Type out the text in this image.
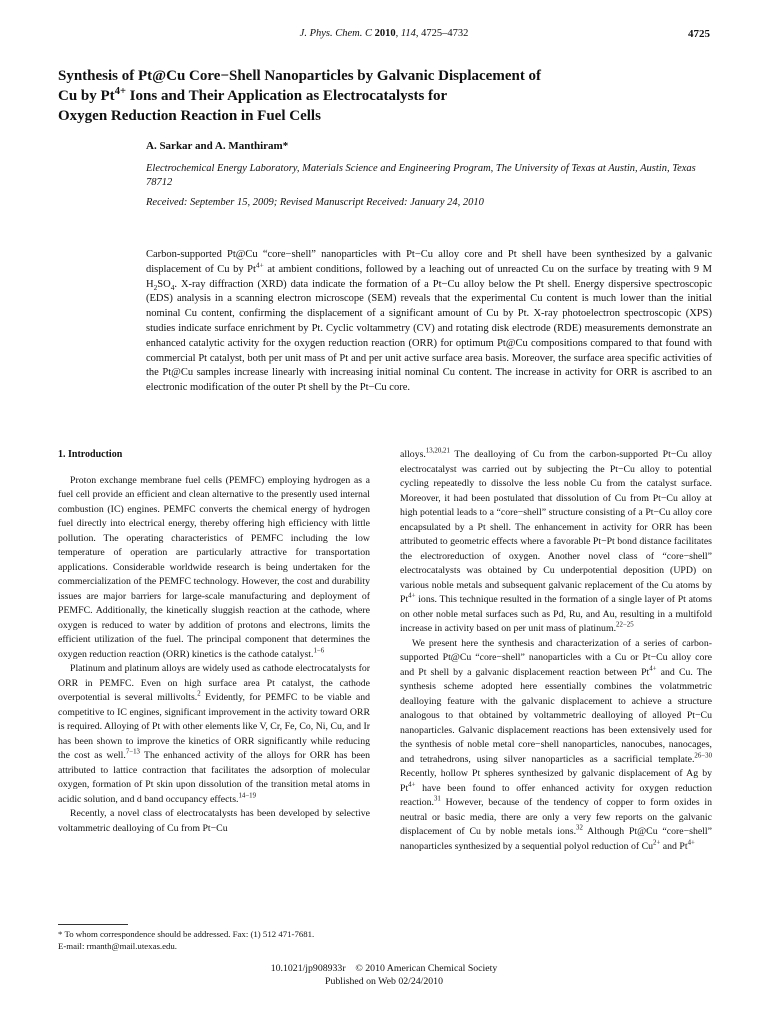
J. Phys. Chem. C 2010, 114, 4725–4732	4725
Synthesis of Pt@Cu Core−Shell Nanoparticles by Galvanic Displacement of
Cu by $Pt^{4+}$ Ions and Their Application as Electrocatalysts for
Oxygen Reduction Reaction in Fuel Cells
A. Sarkar and A. Manthiram*
Electrochemical Energy Laboratory, Materials Science and Engineering Program, The University of Texas at Austin, Austin, Texas 78712
Received: September 15, 2009; Revised Manuscript Received: January 24, 2010
Carbon-supported Pt@Cu “core−shell” nanoparticles with Pt−Cu alloy core and Pt shell have been synthesized by a galvanic displacement of Cu by $Pt^{4+}$ at ambient conditions, followed by a leaching out of unreacted Cu on the surface by treating with 9 M $H_2SO_4$. X-ray diffraction (XRD) data indicate the formation of a Pt−Cu alloy below the Pt shell. Energy dispersive spectroscopic (EDS) analysis in a scanning electron microscope (SEM) reveals that the experimental Cu content is much lower than the initial nominal Cu content, confirming the displacement of a significant amount of Cu by Pt. X-ray photoelectron spectroscopic (XPS) studies indicate surface enrichment by Pt. Cyclic voltammetry (CV) and rotating disk electrode (RDE) measurements demonstrate an enhanced catalytic activity for the oxygen reduction reaction (ORR) for optimum Pt@Cu compositions compared to that found with commercial Pt catalyst, both per unit mass of Pt and per unit active surface area basis. Moreover, the surface area specific activities of the Pt@Cu samples increase linearly with increasing initial nominal Cu content. The increase in activity for ORR is ascribed to an electronic modification of the outer Pt shell by the Pt−Cu core.

1. Introduction

Proton exchange membrane fuel cells (PEMFC) employing hydrogen as a fuel cell provide an efficient and clean alternative to the presently used internal combustion (IC) engines. PEMFC converts the chemical energy of hydrogen fuel directly into electrical energy, thereby offering high efficiency with little pollution. The operating characteristics of PEMFC including the low temperature of operation are particularly attractive for transportation applications. Considerable worldwide research is being undertaken for the commercialization of the PEMFC technology. However, the cost and durability issues are major barriers for large-scale manufacturing and deployment of PEMFC. Additionally, the kinetically sluggish reaction at the cathode, where oxygen is reduced to water by addition of protons and electrons, limits the efficient utilization of the fuel. The principal component that determines the oxygen reduction reaction (ORR) kinetics is the cathode catalyst.$^{1-6}$

Platinum and platinum alloys are widely used as cathode electrocatalysts for ORR in PEMFC. Even on high surface area Pt catalyst, the cathode overpotential is several millivolts.$^2$ Evidently, for PEMFC to be viable and competitive to IC engines, significant improvement in the activity toward ORR is required. Alloying of Pt with other elements like V, Cr, Fe, Co, Ni, Cu, and Ir has been shown to improve the kinetics of ORR significantly while reducing the cost as well.$^{7-13}$ The enhanced activity of the alloys for ORR has been attributed to lattice contraction that facilitates the adsorption of molecular oxygen, formation of Pt skin upon dissolution of the transition metal atoms in acidic solution, and d band occupancy effects.$^{14-19}$

Recently, a novel class of electrocatalysts has been developed by selective voltammetric dealloying of Cu from Pt−Cu

alloys.$^{13,20,21}$ The dealloying of Cu from the carbon-supported Pt−Cu alloy electrocatalyst was carried out by subjecting the Pt−Cu alloy to potential cycling repeatedly to dissolve the less noble Cu from the catalyst surface. Moreover, it had been postulated that dissolution of Cu from Pt−Cu alloy at high potential leads to a “core−shell” structure consisting of a Pt−Cu alloy core encapsulated by a Pt shell. The enhancement in activity for ORR has been attributed to geometric effects where a favorable Pt−Pt bond distance facilitates the electroreduction of oxygen. Another novel class of “core−shell” electrocatalysts was obtained by Cu underpotential deposition (UPD) on various noble metals and subsequent galvanic replacement of the Cu atoms by $Pt^{4+}$ ions. This technique resulted in the formation of a single layer of Pt atoms on other noble metal surfaces such as Pd, Ru, and Au, resulting in a multifold increase in activity based on per unit mass of platinum.$^{22-25}$

We present here the synthesis and characterization of a series of carbon-supported Pt@Cu “core−shell” nanoparticles with a Cu or Pt−Cu alloy core and Pt shell by a galvanic displacement reaction between $Pt^{4+}$ and Cu. The synthesis scheme adopted here essentially combines the volatmmetric dealloying feature with the galvanic displacement to achieve a structure analogous to that obtained by voltammetric dealloying of alloyed Pt−Cu nanoparticles. Galvanic displacement reactions has been extensively used for the synthesis of noble metal core−shell nanoparticles, nanocubes, nanocages, and tetrahedrons, using silver nanoparticles as a sacrificial template.$^{26-30}$ Recently, hollow Pt spheres synthesized by galvanic displacement of Ag by $Pt^{4+}$ have been found to offer enhanced activity for oxygen reduction reaction.$^{31}$ However, because of the tendency of copper to form oxides in neutral or basic media, there are only a very few reports on the galvanic displacement of Cu by noble metals ions.$^{32}$ Although Pt@Cu “core−shell” nanoparticles synthesized by a sequential polyol reduction of $Cu^{2+}$ and $Pt^{4+}$

* To whom correspondence should be addressed. Fax: (1) 512 471-7681.
E-mail: rmanth@mail.utexas.edu.
10.1021/jp908933r    © 2010 American Chemical Society
Published on Web 02/24/2010
